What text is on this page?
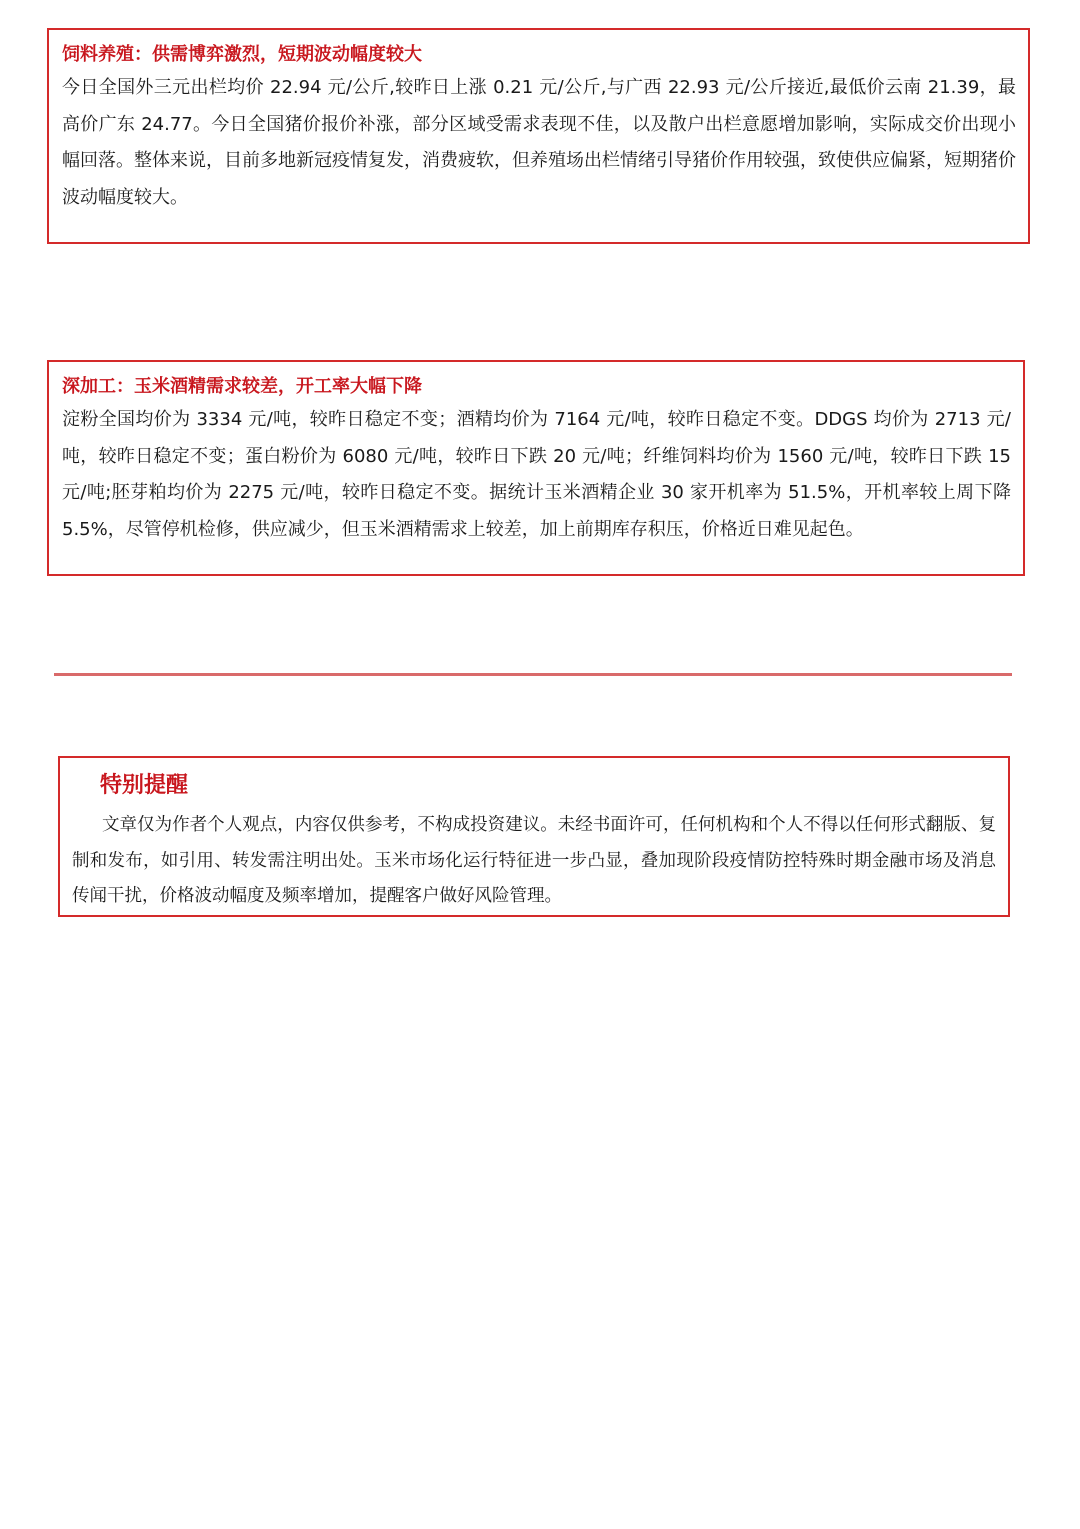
饲料养殖：供需博弈激烈，短期波动幅度较大
今日全国外三元出栏均价 22.94 元/公斤,较昨日上涨 0.21 元/公斤,与广西 22.93 元/公斤接近,最低价云南 21.39，最高价广东 24.77。今日全国猪价报价补涨，部分区域受需求表现不佳，以及散户出栏意愿增加影响，实际成交价出现小幅回落。整体来说，目前多地新冠疫情复发，消费疲软，但养殖场出栏情绪引导猪价作用较强，致使供应偏紧，短期猪价波动幅度较大。
深加工：玉米酒精需求较差，开工率大幅下降
淀粉全国均价为 3334 元/吨，较昨日稳定不变；酒精均价为 7164 元/吨，较昨日稳定不变。DDGS 均价为 2713 元/吨，较昨日稳定不变；蛋白粉价为 6080 元/吨，较昨日下跌 20 元/吨；纤维饲料均价为 1560 元/吨，较昨日下跌 15 元/吨;胚芽粕均价为 2275 元/吨，较昨日稳定不变。据统计玉米酒精企业 30 家开机率为 51.5%，开机率较上周下降 5.5%，尽管停机检修，供应减少，但玉米酒精需求上较差，加上前期库存积压，价格近日难见起色。
特别提醒
文章仅为作者个人观点，内容仅供参考，不构成投资建议。未经书面许可，任何机构和个人不得以任何形式翻版、复制和发布，如引用、转发需注明出处。玉米市场化运行特征进一步凸显，叠加现阶段疫情防控特殊时期金融市场及消息传闻干扰，价格波动幅度及频率增加，提醒客户做好风险管理。
